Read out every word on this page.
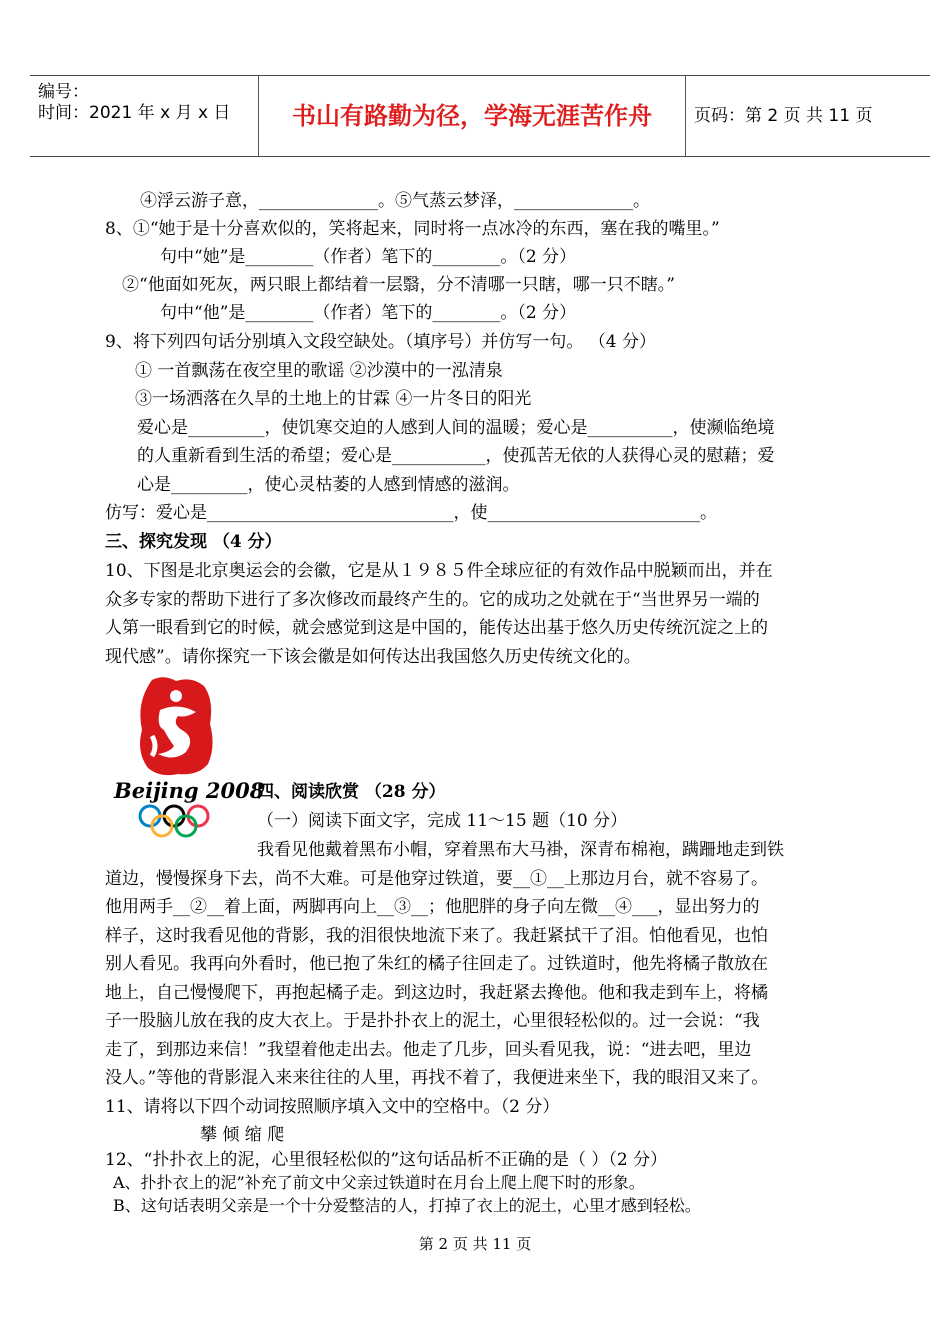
编号：
时间：2021 年 x 月 x 日	书山有路勤为径，学海无涯苦作舟	页码：第 2 页 共 11 页
④浮云游子意，______________。⑤气蒸云梦泽，______________。
8、①“她于是十分喜欢似的，笑将起来，同时将一点冰冷的东西，塞在我的嘴里。”
句中“她”是________（作者）笔下的________。（2 分）
②“他面如死灰，两只眼上都结着一层翳，分不清哪一只瞎，哪一只不瞎。”
句中“他”是________（作者）笔下的________。（2 分）
9、将下列四句话分别填入文段空缺处。（填序号）并仿写一句。 （4 分）
① 一首飘荡在夜空里的歌谣 ②沙漠中的一泓清泉
③一场洒落在久旱的土地上的甘霖 ④一片冬日的阳光
爱心是_________，使饥寒交迫的人感到人间的温暖；爱心是__________，使濒临绝境
的人重新看到生活的希望；爱心是___________，使孤苦无依的人获得心灵的慰藉；爱
心是_________，使心灵枯萎的人感到情感的滋润。
仿写：爱心是_____________________________，使_________________________。
三、探究发现 （4 分）
10、下图是北京奥运会的会徽，它是从１９８５件全球应征的有效作品中脱颖而出，并在
众多专家的帮助下进行了多次修改而最终产生的。它的成功之处就在于“当世界另一端的
人第一眼看到它的时候，就会感觉到这是中国的，能传达出基于悠久历史传统沉淀之上的
现代感”。请你探究一下该会徽是如何传达出我国悠久历史传统文化的。
Beijing 2008
四、阅读欣赏 （28 分）
（一）阅读下面文字，完成 11～15 题（10 分）
我看见他戴着黑布小帽，穿着黑布大马褂，深青布棉袍，蹒跚地走到铁
道边，慢慢探身下去，尚不大难。可是他穿过铁道，要__①__上那边月台，就不容易了。
他用两手__②__着上面，两脚再向上__③__；他肥胖的身子向左微__④___，显出努力的
样子，这时我看见他的背影，我的泪很快地流下来了。我赶紧拭干了泪。怕他看见，也怕
别人看见。我再向外看时，他已抱了朱红的橘子往回走了。过铁道时，他先将橘子散放在
地上，自己慢慢爬下，再抱起橘子走。到这边时，我赶紧去搀他。他和我走到车上，将橘
子一股脑儿放在我的皮大衣上。于是扑扑衣上的泥土，心里很轻松似的。过一会说：“我
走了，到那边来信！”我望着他走出去。他走了几步，回头看见我，说：“进去吧，里边
没人。”等他的背影混入来来往往的人里，再找不着了，我便进来坐下，我的眼泪又来了。
11、请将以下四个动词按照顺序填入文中的空格中。（2 分）
攀 倾 缩 爬
12、“扑扑衣上的泥，心里很轻松似的”这句话品析不正确的是（ ）（2 分）
A、扑扑衣上的泥”补充了前文中父亲过铁道时在月台上爬上爬下时的形象。
B、这句话表明父亲是一个十分爱整洁的人，打掉了衣上的泥土，心里才感到轻松。
第 2 页 共 11 页
